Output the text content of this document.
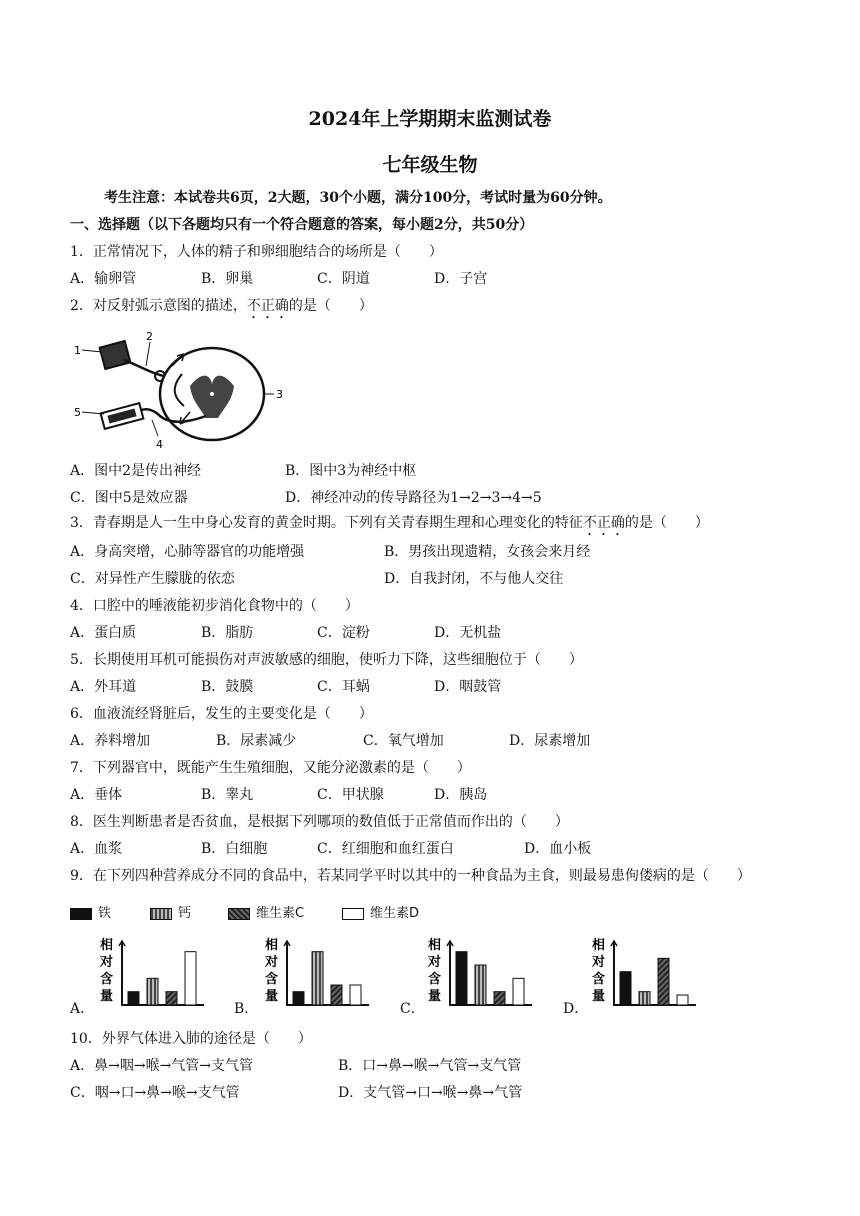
2024年上学期期末监测试卷
七年级生物
考生注意：本试卷共6页，2大题，30个小题，满分100分，考试时量为60分钟。
一、选择题（以下各题均只有一个符合题意的答案，每小题2分，共50分）
1．正常情况下，人体的精子和卵细胞结合的场所是（　　）
A．输卵管	B．卵巢	C．阴道	D．子宫
2．对反射弧示意图的描述，不正确的是（　　）
1
2
3
5
4
A．图中2是传出神经	B．图中3为神经中枢
C．图中5是效应器	D．神经冲动的传导路径为1→2→3→4→5
3．青春期是人一生中身心发育的黄金时期。下列有关青春期生理和心理变化的特征不正确的是（　　）
A．身高突增，心肺等器官的功能增强	B．男孩出现遗精，女孩会来月经
C．对异性产生朦胧的依恋	D．自我封闭，不与他人交往
4．口腔中的唾液能初步消化食物中的（　　）
A．蛋白质	B．脂肪	C．淀粉	D．无机盐
5．长期使用耳机可能损伤对声波敏感的细胞，使听力下降，这些细胞位于（　　）
A．外耳道	B．鼓膜	C．耳蜗	D．咽鼓管
6．血液流经肾脏后，发生的主要变化是（　　）
A．养料增加	B．尿素减少	C．氧气增加	D．尿素增加
7．下列器官中，既能产生生殖细胞，又能分泌激素的是（　　）
A．垂体	B．睾丸	C．甲状腺	D．胰岛
8．医生判断患者是否贫血，是根据下列哪项的数值低于正常值而作出的（　　）
A．血浆	B．白细胞	C．红细胞和血红蛋白	D．血小板
9．在下列四种营养成分不同的食品中，若某同学平时以其中的一种食品为主食，则最易患佝偻病的是（　　）
铁	钙	维生素C	维生素D
A．	B．	C．	D．
相
对
含
量
相
对
含
量
相
对
含
量
相
对
含
量
10．外界气体进入肺的途径是（　　）
A．鼻→咽→喉→气管→支气管	B．口→鼻→喉→气管→支气管
C．咽→口→鼻→喉→支气管	D．支气管→口→喉→鼻→气管
